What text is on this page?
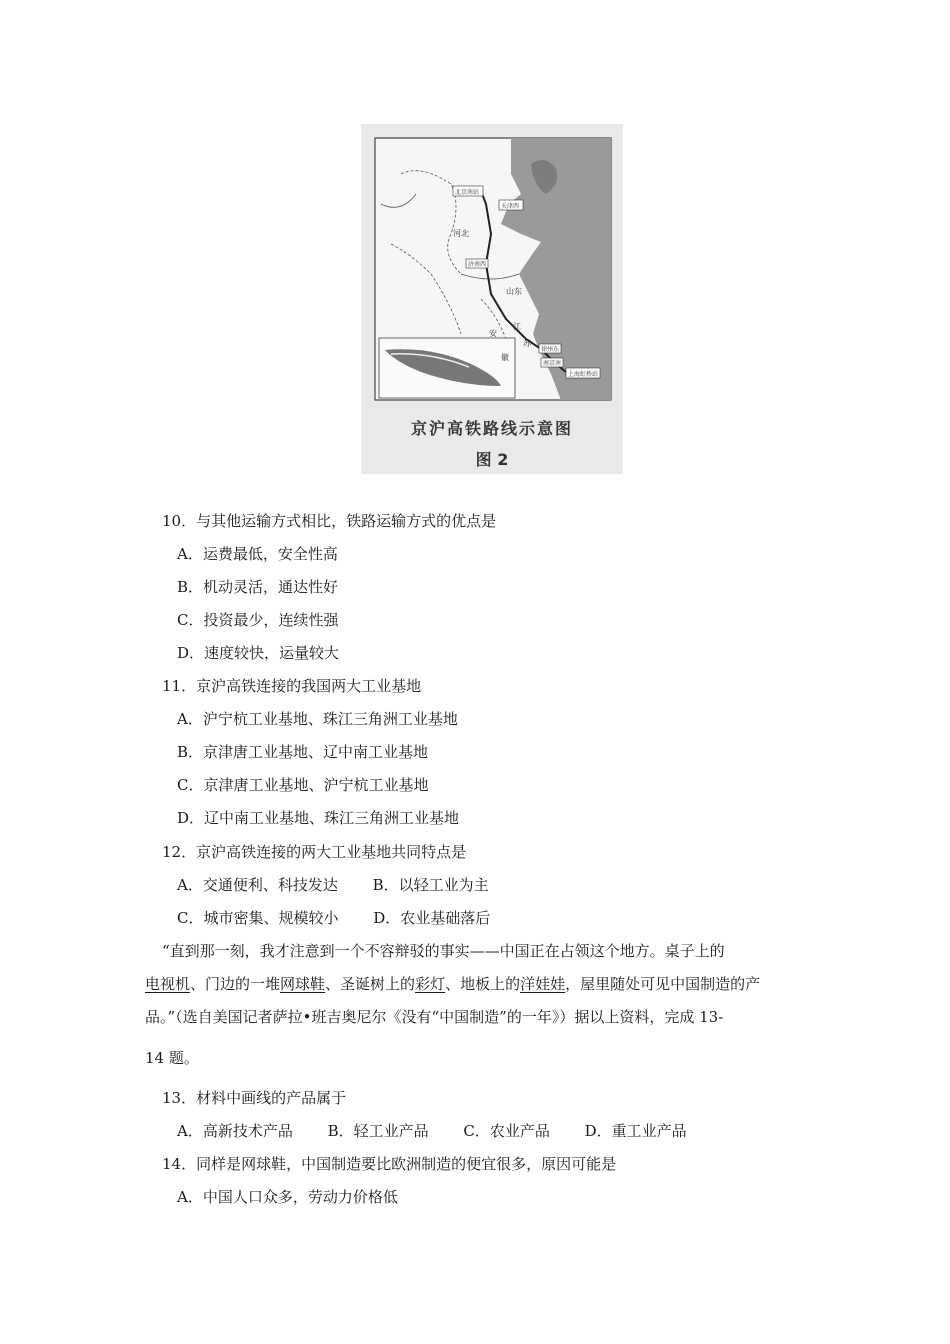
北京南站
天津西
济南西
徐州东
南京南
上海虹桥站
河北
山东
江
苏
安
徽
京沪高铁路线示意图
图 2
10．与其他运输方式相比，铁路运输方式的优点是
A．运费最低，安全性高
B．机动灵活，通达性好
C．投资最少，连续性强
D．速度较快，运量较大
11．京沪高铁连接的我国两大工业基地
A．沪宁杭工业基地、珠江三角洲工业基地
B．京津唐工业基地、辽中南工业基地
C．京津唐工业基地、沪宁杭工业基地
D．辽中南工业基地、珠江三角洲工业基地
12．京沪高铁连接的两大工业基地共同特点是
A．交通便利、科技发达　　 B．以轻工业为主
C．城市密集、规模较小　　 D．农业基础落后
“直到那一刻，我才注意到一个不容辩驳的事实——中国正在占领这个地方。桌子上的
电视机、门边的一堆网球鞋、圣诞树上的彩灯、地板上的洋娃娃，屋里随处可见中国制造的产
品。”（选自美国记者萨拉•班吉奥尼尔《没有“中国制造”的一年》）据以上资料，完成 13-
14 题。
13．材料中画线的产品属于
A．高新技术产品　　 B．轻工业产品　　 C．农业产品　　 D．重工业产品
14．同样是网球鞋，中国制造要比欧洲制造的便宜很多，原因可能是
A．中国人口众多，劳动力价格低
